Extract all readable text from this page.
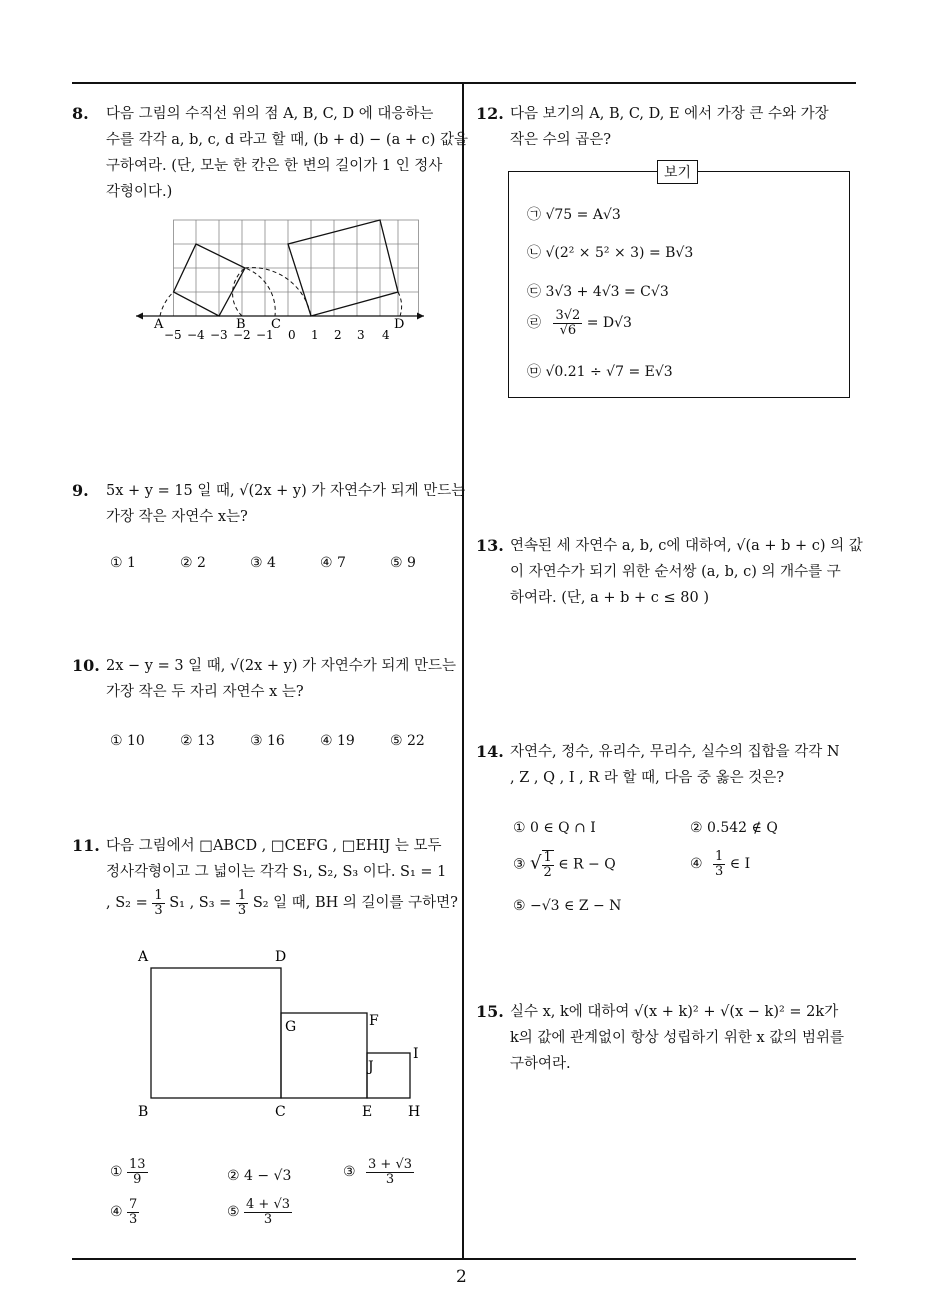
8. 다음 그림의 수직선 위의 점 A, B, C, D 에 대응하는
수를 각각 a, b, c, d 라고 할 때, (b + d) − (a + c) 값을
구하여라. (단, 모눈 한 칸은 한 변의 길이가 1 인 정사
각형이다.)
A	B C	D
−5 −4 −3 −2 −1 0 1 2 3 4
9. 5x + y = 15 일 때, √(2x + y) 가 자연수가 되게 만드는
가장 작은 자연수 x는?
① 1	② 2	③ 4	④ 7	⑤ 9
10. 2x − y = 3 일 때, √(2x + y) 가 자연수가 되게 만드는
가장 작은 두 자리 자연수 x 는?
① 10	② 13	③ 16	④ 19	⑤ 22
11. 다음 그림에서 □ABCD , □CEFG , □EHIJ 는 모두
정사각형이고 그 넓이는 각각 S₁, S₂, S₃ 이다. S₁ = 1
, $S_2 = \frac{1}{3} S_1$ , $S_3 = \frac{1}{3} S_2$ 일 때, BH 의 길이를 구하면?
A	D
B	C
G	F
E	H
I
J
① $\frac{13}{9}$	② 4 − √3	③ $\frac{3 + √3}{3}$
④ $\frac{7}{3}$	⑤ $\frac{4 + √3}{3}$
12. 다음 보기의 A, B, C, D, E 에서 가장 큰 수와 가장
작은 수의 곱은?
보기
㉠ √75 = A√3
㉡ √(2² × 5² × 3) = B√3
㉢ 3√3 + 4√3 = C√3
㉣ $\frac{3√2}{√6} = D√3$
㉤ √0.21 ÷ √7 = E√3
13. 연속된 세 자연수 a, b, c에 대하여, √(a + b + c) 의 값
이 자연수가 되기 위한 순서쌍 (a, b, c) 의 개수를 구
하여라. (단, a + b + c ≤ 80 )
14. 자연수, 정수, 유리수, 무리수, 실수의 집합을 각각 N
, Z , Q , I , R 라 할 때, 다음 중 옳은 것은?
① 0 ∈ Q ∩ I	② 0.54̇2̇ ∉ Q
③ √ $\frac{1}{2}$ ∈ R − Q	④ $\frac{1}{3}$ ∈ I
⑤ −√3 ∈ Z − N
15. 실수 x, k에 대하여 √(x + k)² + √(x − k)² = 2k가
k의 값에 관계없이 항상 성립하기 위한 x 값의 범위를
구하여라.
2
